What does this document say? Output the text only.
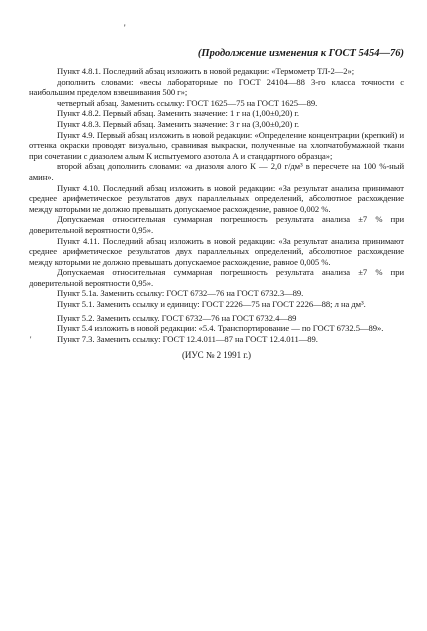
'
(Продолжение изменения к ГОСТ 5454—76)

Пункт 4.8.1. Последний абзац изложить в новой редакции: «Термометр ТЛ-2—2»;

дополнить словами: «весы лабораторные по ГОСТ 24104—88 3-го класса точности с наибольшим пределом взвешивания 500 г»;

четвертый абзац. Заменить ссылку: ГОСТ 1625—75 на ГОСТ 1625—89.

Пункт 4.8.2. Первый абзац. Заменить значение: 1 г на (1,00±0,20) г.

Пункт 4.8.3. Первый абзац. Заменить значение: 3 г на (3,00±0,20) г.

Пункт 4.9. Первый абзац изложить в новой редакции: «Определение концентрации (крепкий) и оттенка окраски проводят визуально, сравнивая выкраски, полученные на хлопчатобумажной ткани при сочетании с диазолем алым К испытуемого азотола А и стандартного образца»;

второй абзац дополнить словами: «а диазоля алого К — 2,0 г/дм³ в пересчете на 100 %-ный амин».

Пункт 4.10. Последний абзац изложить в новой редакции: «За результат анализа принимают среднее арифметическое результатов двух параллельных определений, абсолютное расхождение между которыми не должно превышать допускаемое расхождение, равное 0,002 %.

Допускаемая относительная суммарная погрешность результата анализа ±7 % при доверительной вероятности 0,95».

Пункт 4.11. Последний абзац изложить в новой редакции: «За результат анализа принимают среднее арифметическое результатов двух параллельных определений, абсолютное расхождение между которыми не должно превышать допускаемое расхождение, равное 0,005 %.

Допускаемая относительная суммарная погрешность результата анализа ±7 % при доверительной вероятности 0,95».

Пункт 5.1а. Заменить ссылку: ГОСТ 6732—76 на ГОСТ 6732.3—89.

Пункт 5.1. Заменить ссылку и единицу: ГОСТ 2226—75 на ГОСТ 2226—88; л на дм³.

Пункт 5.2. Заменить ссылку. ГОСТ 6732—76 на ГОСТ 6732.4—89

Пункт 5.4 изложить в новой редакции: «5.4. Транспортирование — по ГОСТ 6732.5—89».

Пункт 7.3. Заменить ссылку: ГОСТ 12.4.011—87 на ГОСТ 12.4.011—89.

(ИУС № 2 1991 г.)

'
